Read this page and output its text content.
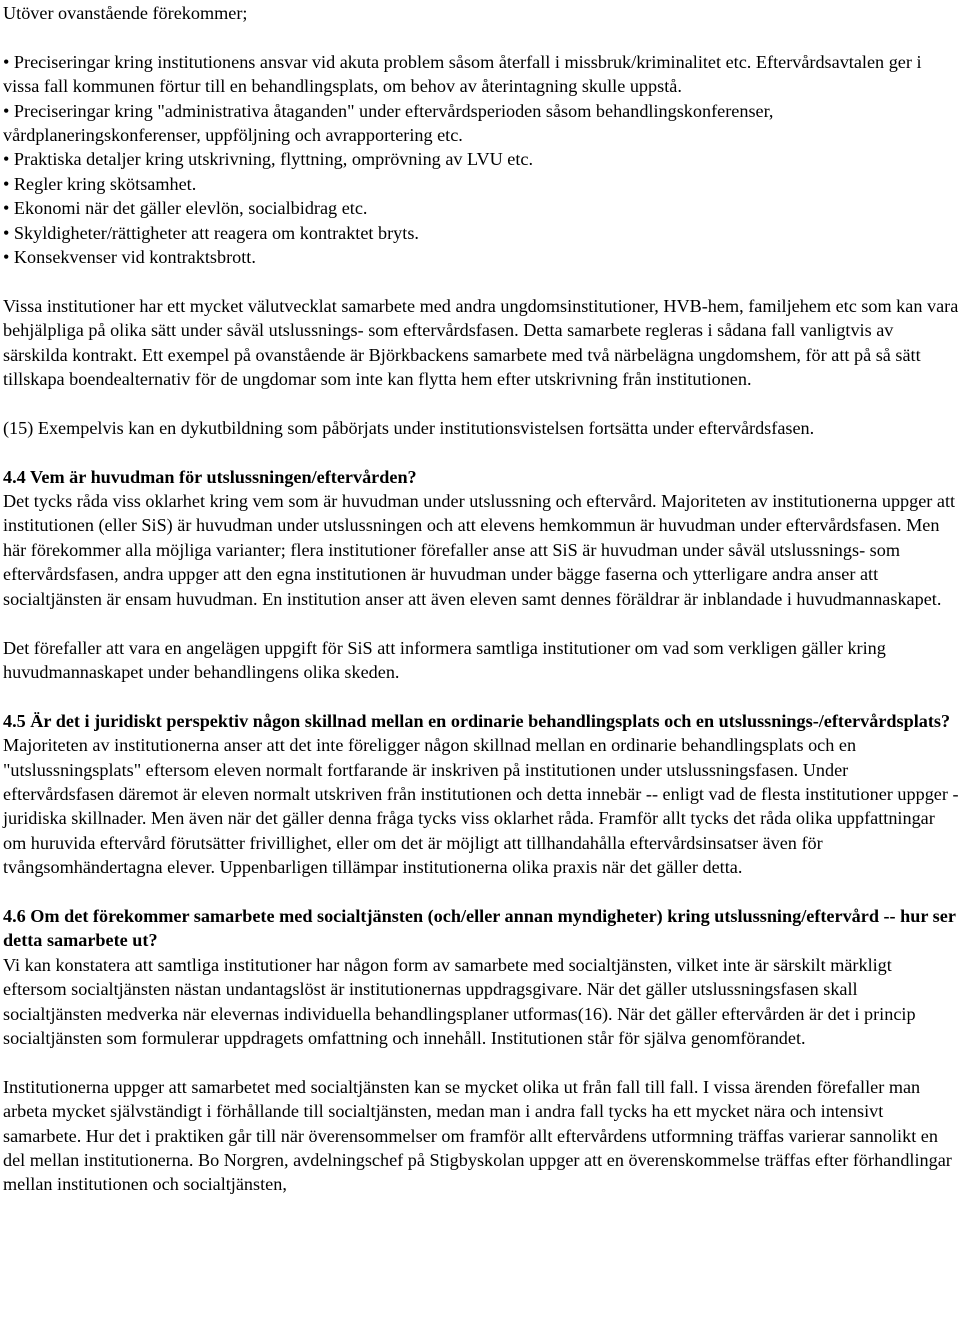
Utöver ovanstående förekommer;

• Preciseringar kring institutionens ansvar vid akuta problem såsom återfall i missbruk/kriminalitet etc. Eftervårdsavtalen ger i vissa fall kommunen förtur till en behandlingsplats, om behov av återintagning skulle uppstå.
• Preciseringar kring "administrativa åtaganden" under eftervårdsperioden såsom behandlingskonferenser, vårdplaneringskonferenser, uppföljning och avrapportering etc.
• Praktiska detaljer kring utskrivning, flyttning, omprövning av LVU etc.
• Regler kring skötsamhet.
• Ekonomi när det gäller elevlön, socialbidrag etc.
• Skyldigheter/rättigheter att reagera om kontraktet bryts.
• Konsekvenser vid kontraktsbrott.

Vissa institutioner har ett mycket välutvecklat samarbete med andra ungdomsinstitutioner, HVB-hem, familjehem etc som kan vara behjälpliga på olika sätt under såväl utslussnings- som eftervårdsfasen. Detta samarbete regleras i sådana fall vanligtvis av särskilda kontrakt. Ett exempel på ovanstående är Björkbackens samarbete med två närbelägna ungdomshem, för att på så sätt tillskapa boendealternativ för de ungdomar som inte kan flytta hem efter utskrivning från institutionen.

(15) Exempelvis kan en dykutbildning som påbörjats under institutionsvistelsen fortsätta under eftervårdsfasen.

4.4 Vem är huvudman för utslussningen/eftervården?

Det tycks råda viss oklarhet kring vem som är huvudman under utslussning och eftervård. Majoriteten av institutionerna uppger att institutionen (eller SiS) är huvudman under utslussningen och att elevens hemkommun är huvudman under eftervårdsfasen. Men här förekommer alla möjliga varianter; flera institutioner förefaller anse att SiS är huvudman under såväl utslussnings- som eftervårdsfasen, andra uppger att den egna institutionen är huvudman under bägge faserna och ytterligare andra anser att socialtjänsten är ensam huvudman. En institution anser att även eleven samt dennes föräldrar är inblandade i huvudmannaskapet.

Det förefaller att vara en angelägen uppgift för SiS att informera samtliga institutioner om vad som verkligen gäller kring huvudmannaskapet under behandlingens olika skeden.

4.5 Är det i juridiskt perspektiv någon skillnad mellan en ordinarie behandlingsplats och en utslussnings-/eftervårdsplats?

Majoriteten av institutionerna anser att det inte föreligger någon skillnad mellan en ordinarie behandlingsplats och en "utslussningsplats" eftersom eleven normalt fortfarande är inskriven på institutionen under utslussningsfasen. Under eftervårdsfasen däremot är eleven normalt utskriven från institutionen och detta innebär -- enligt vad de flesta institutioner uppger - juridiska skillnader. Men även när det gäller denna fråga tycks viss oklarhet råda. Framför allt tycks det råda olika uppfattningar om huruvida eftervård förutsätter frivillighet, eller om det är möjligt att tillhandahålla eftervårdsinsatser även för tvångsomhändertagna elever. Uppenbarligen tillämpar institutionerna olika praxis när det gäller detta.

4.6 Om det förekommer samarbete med socialtjänsten (och/eller annan myndigheter) kring utslussning/eftervård -- hur ser detta samarbete ut?

Vi kan konstatera att samtliga institutioner har någon form av samarbete med socialtjänsten, vilket inte är särskilt märkligt eftersom socialtjänsten nästan undantagslöst är institutionernas uppdragsgivare. När det gäller utslussningsfasen skall socialtjänsten medverka när elevernas individuella behandlingsplaner utformas(16). När det gäller eftervården är det i princip socialtjänsten som formulerar uppdragets omfattning och innehåll. Institutionen står för själva genomförandet.

Institutionerna uppger att samarbetet med socialtjänsten kan se mycket olika ut från fall till fall. I vissa ärenden förefaller man arbeta mycket självständigt i förhållande till socialtjänsten, medan man i andra fall tycks ha ett mycket nära och intensivt samarbete. Hur det i praktiken går till när överensommelser om framför allt eftervårdens utformning träffas varierar sannolikt en del mellan institutionerna. Bo Norgren, avdelningschef på Stigbyskolan uppger att en överenskommelse träffas efter förhandlingar mellan institutionen och socialtjänsten,
